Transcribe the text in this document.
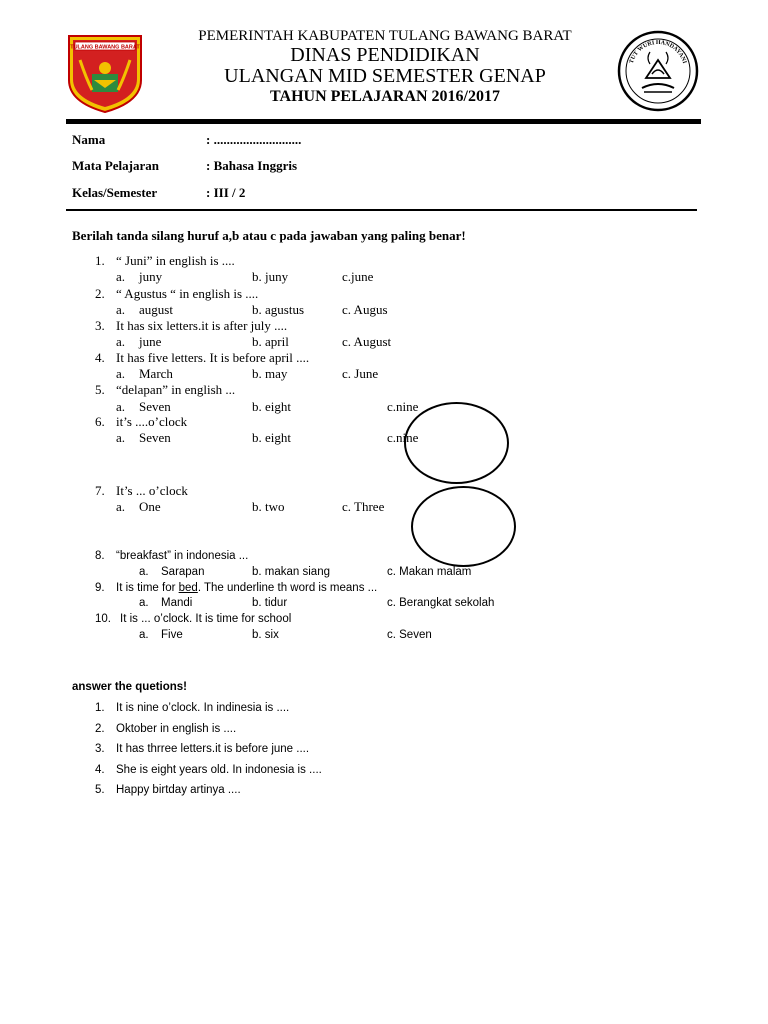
TULANG BAWANG BARAT
TUT WURI HANDAYANI
PEMERINTAH KABUPATEN TULANG BAWANG BARAT
DINAS PENDIDIKAN
ULANGAN MID SEMESTER GENAP
TAHUN PELAJARAN 2016/2017
Nama	: ...........................
Mata Pelajaran	: Bahasa Inggris
Kelas/Semester	: III / 2
Berilah tanda silang huruf a,b atau c pada jawaban yang paling benar!
1. “ Juni” in english is ....
a. juny	b. juny	c.june
2. “ Agustus “ in english is ....
a. august	b. agustus	c. Augus
3. It has six letters.it is after july ....
a. june	b. april	c. August
4. It has five letters. It is before april ....
a. March	b. may	c. June
5. “delapan” in english ...
a. Seven	b. eight	c.nine
6. it’s ....o’clock
a. Seven	b. eight	c.nine
7. It’s ... o’clock
a. One	b. two	c. Three
8. “breakfast” in indonesia ...
a. Sarapan	b. makan siang	c. Makan malam
9. It is time for bed. The underline th word is means ...
a. Mandi	b. tidur	c. Berangkat sekolah
10. It is ... o’clock. It is time for school
a. Five	b. six	c. Seven
answer the quetions!
1. It is nine o’clock. In indinesia is ....
2. Oktober in english is ....
3. It has thrree letters.it is before june ....
4. She is eight years old. In indonesia is ....
5. Happy birtday artinya ....
